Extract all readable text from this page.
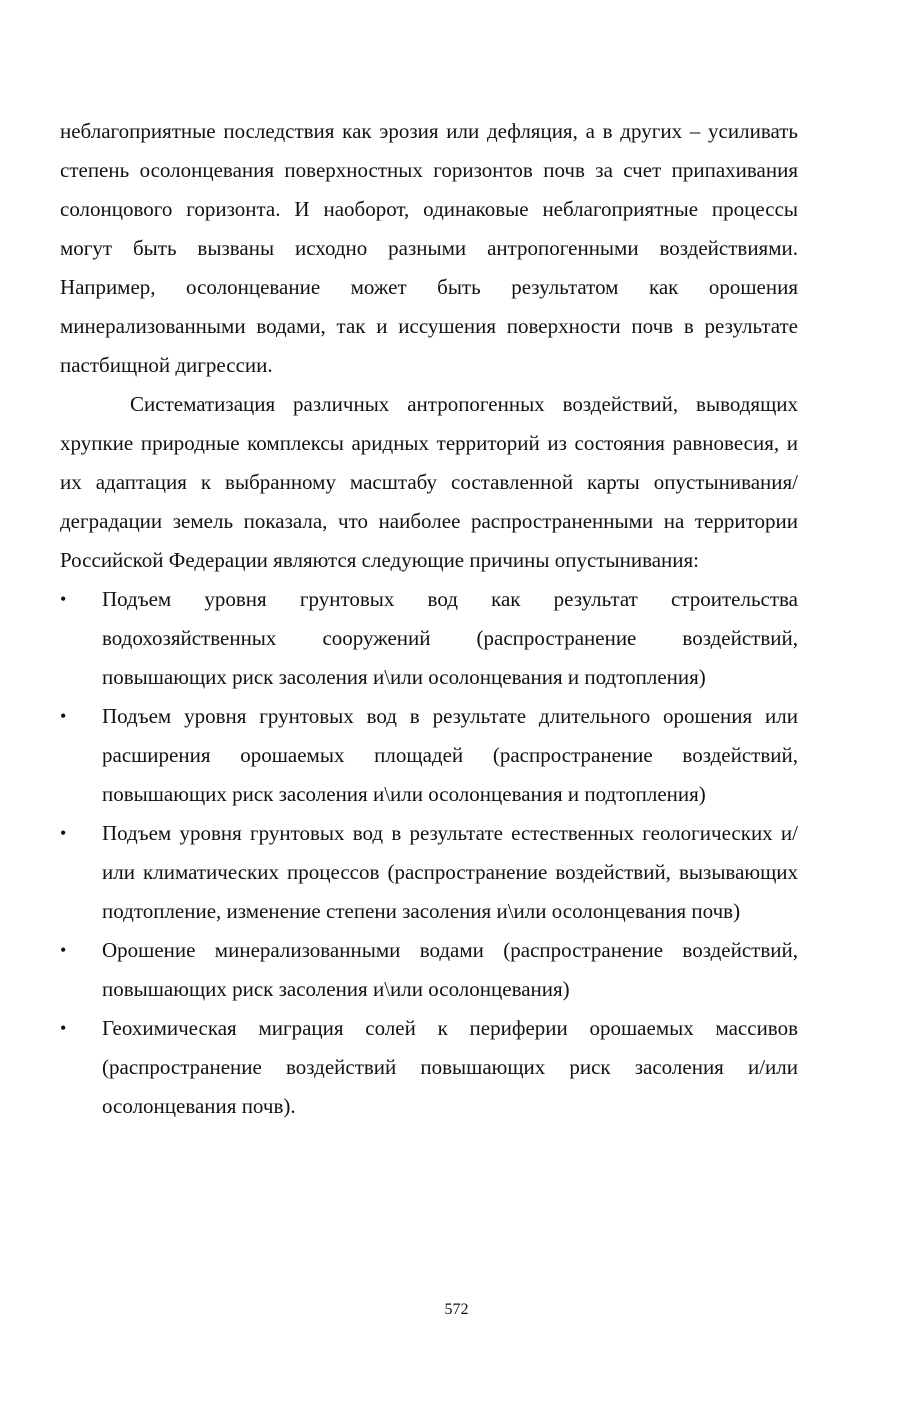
неблагоприятные последствия как эрозия или дефляция, а в других – усиливать степень осолонцевания поверхностных горизонтов почв за счет припахивания солонцового горизонта. И наоборот, одинаковые неблагоприятные процессы могут быть вызваны исходно разными антропогенными воздействиями. Например, осолонцевание может быть результатом как орошения минерализованными водами, так и иссушения поверхности почв в результате пастбищной дигрессии.

Систематизация различных антропогенных воздействий, выводящих хрупкие природные комплексы аридных территорий из состояния равновесия, и их адаптация к выбранному масштабу составленной карты опустынивания/деградации земель показала, что наиболее распространенными на территории Российской Федерации являются следующие причины опустынивания:

•	Подъем уровня грунтовых вод как результат строительства водохозяйственных сооружений (распространение воздействий, повышающих риск засоления и\или осолонцевания и подтопления)
•	Подъем уровня грунтовых вод в результате длительного орошения или расширения орошаемых площадей (распространение воздействий, повышающих риск засоления и\или осолонцевания и подтопления)
•	Подъем уровня грунтовых вод в результате естественных геологических и/или климатических процессов (распространение воздействий, вызывающих подтопление, изменение степени засоления и\или осолонцевания почв)
•	Орошение минерализованными водами (распространение воздействий, повышающих риск засоления и\или осолонцевания)
•	Геохимическая миграция солей к периферии орошаемых массивов (распространение воздействий повышающих риск засоления и/или осолонцевания почв).
572
